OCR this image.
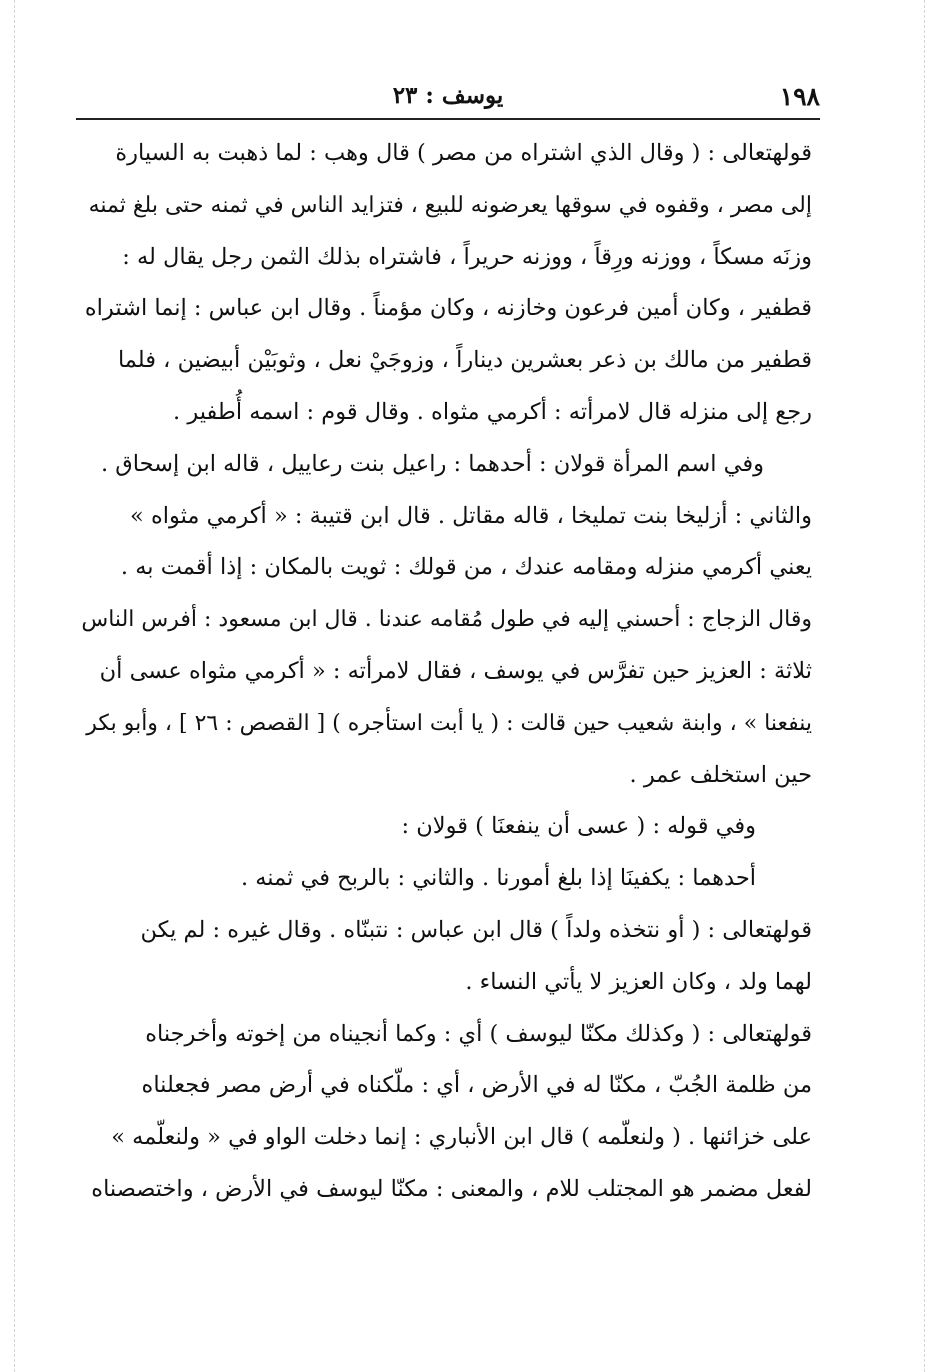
١٩٨
يوسف : ٢٣
قولهتعالى : ( وقال الذي اشتراه من مصر ) قال وهب : لما ذهبت به السيارة
إلى مصر ، وقفوه في سوقها يعرضونه للبيع ، فتزايد الناس في ثمنه حتى بلغ ثمنه
وزنَه مسكاً ، ووزنه ورِقاً ، ووزنه حريراً ، فاشتراه بذلك الثمن رجل يقال له :
قطفير ، وكان أمين فرعون وخازنه ، وكان مؤمناً . وقال ابن عباس : إنما اشتراه
قطفير من مالك بن ذعر بعشرين ديناراً ، وزوجَيْ نعل ، وثوبَيْن أبيضين ، فلما
رجع إلى منزله قال لامرأته : أكرمي مثواه . وقال قوم : اسمه أُطفير .
وفي اسم المرأة قولان : أحدهما : راعيل بنت رعاييل ، قاله ابن إسحاق .
والثاني : أزليخا بنت تمليخا ، قاله مقاتل . قال ابن قتيبة : « أكرمي مثواه »
يعني أكرمي منزله ومقامه عندك ، من قولك : ثويت بالمكان : إذا أقمت به .
وقال الزجاج : أحسني إليه في طول مُقامه عندنا . قال ابن مسعود : أفرس الناس
ثلاثة : العزيز حين تفرَّس في يوسف ، فقال لامرأته : « أكرمي مثواه عسى أن
ينفعنا » ، وابنة شعيب حين قالت : ( يا أبت استأجره ) [ القصص : ٢٦ ] ، وأبو بكر
حين استخلف عمر .
وفي قوله : ( عسى أن ينفعنَا ) قولان :
أحدهما : يكفينَا إذا بلغ أمورنا . والثاني : بالربح في ثمنه .
قولهتعالى : ( أو نتخذه ولداً ) قال ابن عباس : نتبنّاه . وقال غيره : لم يكن
لهما ولد ، وكان العزيز لا يأتي النساء .
قولهتعالى : ( وكذلك مكنّا ليوسف ) أي : وكما أنجيناه من إخوته وأخرجناه
من ظلمة الجُبّ ، مكنّا له في الأرض ، أي : ملّكناه في أرض مصر فجعلناه
على خزائنها . ( ولنعلّمه ) قال ابن الأنباري : إنما دخلت الواو في « ولنعلّمه »
لفعل مضمر هو المجتلب للام ، والمعنى : مكنّا ليوسف في الأرض ، واختصصناه
